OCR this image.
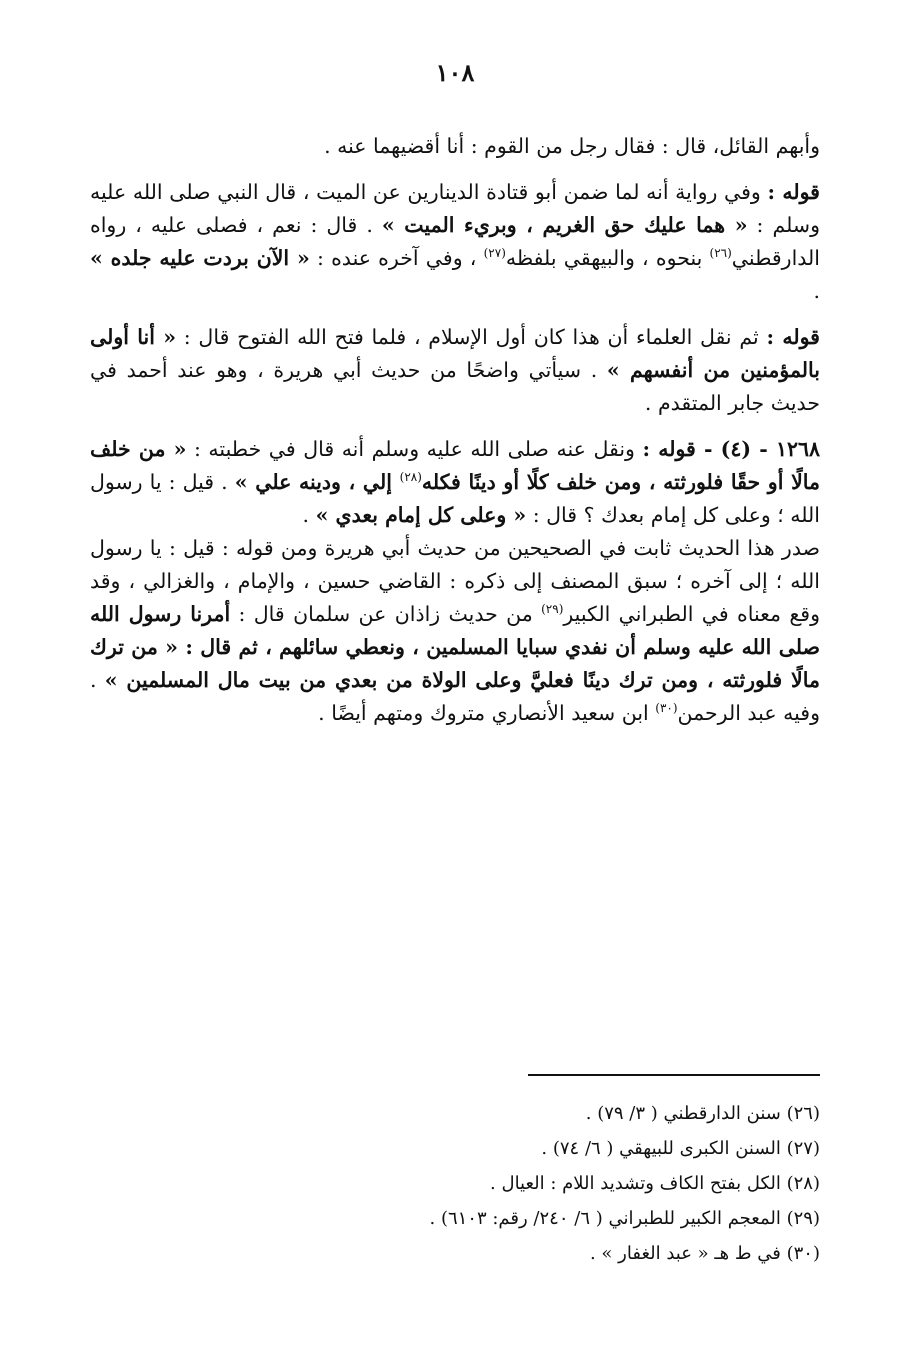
١٠٨

وأبهم القائل، قال : فقال رجل من القوم : أنا أقضيهما عنه .

قوله : وفي رواية أنه لما ضمن أبو قتادة الدينارين عن الميت ، قال النبي صلى الله عليه وسلم : « هما عليك حق الغريم ، وبريء الميت » . قال : نعم ، فصلى عليه ، رواه الدارقطني$^{(٢٦)}$ بنحوه ، والبيهقي بلفظه$^{(٢٧)}$ ، وفي آخره عنده : « الآن بردت عليه جلده » .

قوله : ثم نقل العلماء أن هذا كان أول الإسلام ، فلما فتح الله الفتوح قال : « أنا أولى بالمؤمنين من أنفسهم » . سيأتي واضحًا من حديث أبي هريرة ، وهو عند أحمد في حديث جابر المتقدم .

١٢٦٨ - (٤) - قوله : ونقل عنه صلى الله عليه وسلم أنه قال في خطبته : « من خلف مالًا أو حقًا فلورثته ، ومن خلف كلًا أو دينًا فكله$^{(٢٨)}$ إلي ، ودينه علي » . قيل : يا رسول الله ؛ وعلى كل إمام بعدك ؟ قال : « وعلى كل إمام بعدي » .

صدر هذا الحديث ثابت في الصحيحين من حديث أبي هريرة ومن قوله : قيل : يا رسول الله ؛ إلى آخره ؛ سبق المصنف إلى ذكره : القاضي حسين ، والإمام ، والغزالي ، وقد وقع معناه في الطبراني الكبير$^{(٢٩)}$ من حديث زاذان عن سلمان قال : أمرنا رسول الله صلى الله عليه وسلم أن نفدي سبايا المسلمين ، ونعطي سائلهم ، ثم قال : « من ترك مالًا فلورثته ، ومن ترك دينًا فعليَّ وعلى الولاة من بعدي من بيت مال المسلمين » . وفيه عبد الرحمن$^{(٣٠)}$ ابن سعيد الأنصاري متروك ومتهم أيضًا .

(٢٦) سنن الدارقطني ( ٣/ ٧٩) .

(٢٧) السنن الكبرى للبيهقي ( ٦/ ٧٤) .

(٢٨) الكل بفتح الكاف وتشديد اللام : العيال .

(٢٩) المعجم الكبير للطبراني ( ٦/ ٢٤٠/ رقم: ٦١٠٣) .

(٣٠) في ط هـ « عبد الغفار » .
